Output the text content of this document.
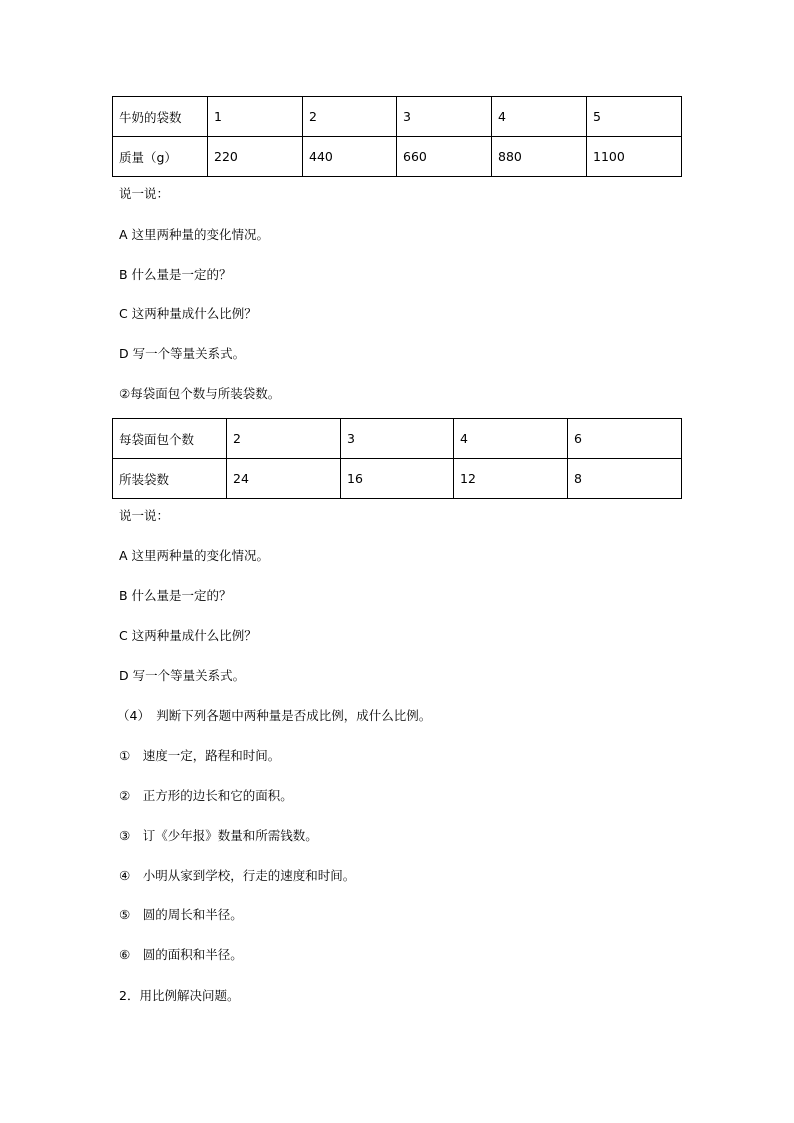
牛奶的袋数	1	2	3	4	5
质量（g）	220	440	660	880	1100
说一说：
A 这里两种量的变化情况。
B 什么量是一定的？
C 这两种量成什么比例？
D 写一个等量关系式。
②每袋面包个数与所装袋数。
每袋面包个数	2	3	4	6
所装袋数	24	16	12	8
说一说：
A 这里两种量的变化情况。
B 什么量是一定的？
C 这两种量成什么比例？
D 写一个等量关系式。
（4）　判断下列各题中两种量是否成比例，成什么比例。
①　速度一定，路程和时间。
②　正方形的边长和它的面积。
③　订《少年报》数量和所需钱数。
④　小明从家到学校，行走的速度和时间。
⑤　圆的周长和半径。
⑥　圆的面积和半径。
2．用比例解决问题。
